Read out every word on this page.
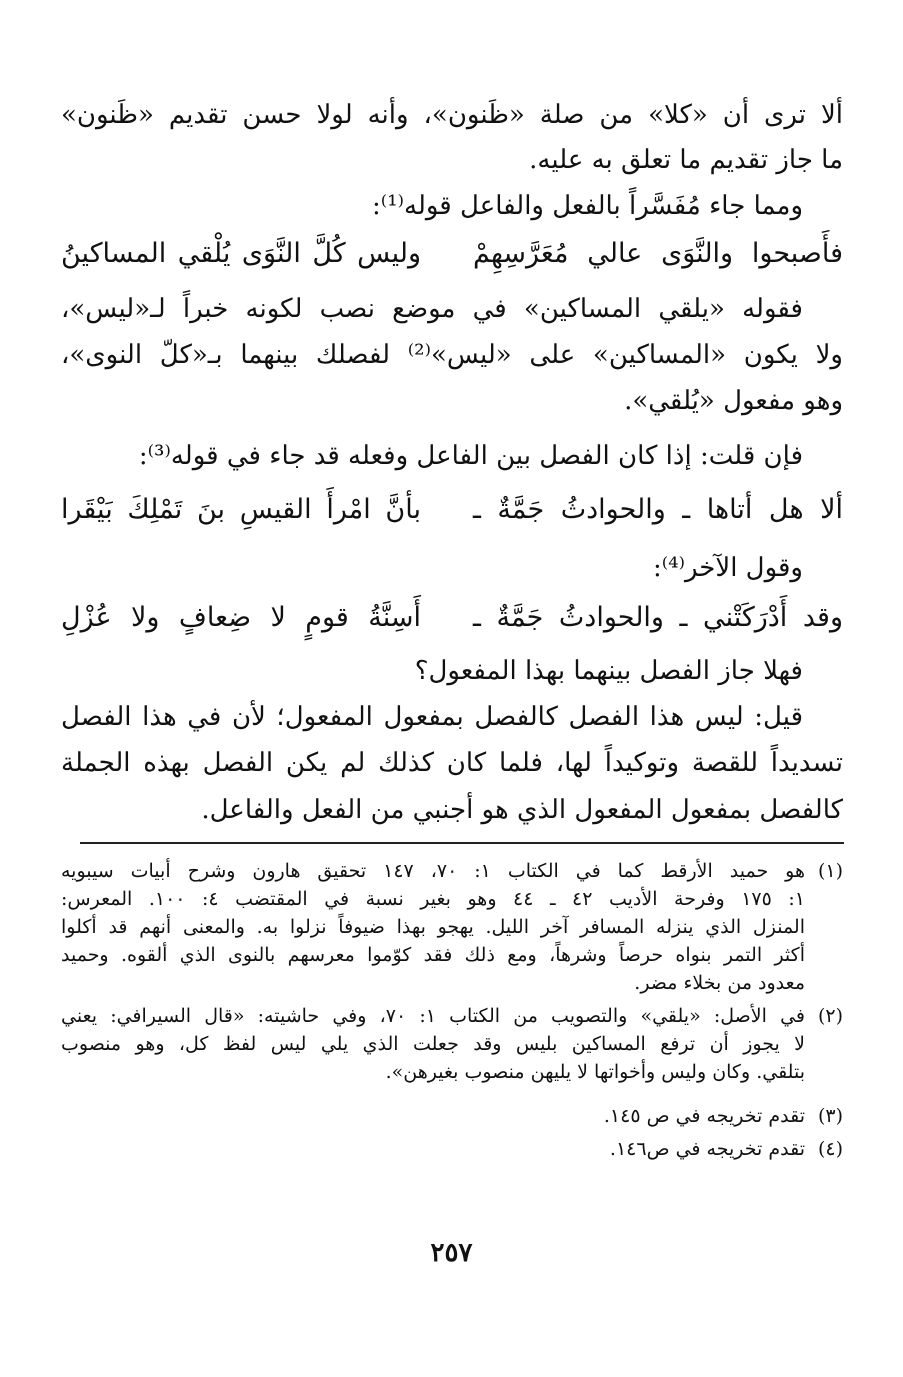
ألا ترى أن «كلا» من صلة «ظَنون»، وأنه لولا حسن تقديم «ظَنون»
ما جاز تقديم ما تعلق به عليه.
ومما جاء مُفَسَّراً بالفعل والفاعل قوله⁽¹⁾:
فأَصبحوا والنَّوَى عالي مُعَرَّسِهِمْ
وليس كُلَّ النَّوَى يُلْقي المساكينُ
فقوله «يلقي المساكين» في موضع نصب لكونه خبراً لـ«ليس»،
ولا يكون «المساكين» على «ليس»⁽²⁾ لفصلك بينهما بـ«كلّ النوى»،
وهو مفعول «يُلقي».
فإن قلت: إذا كان الفصل بين الفاعل وفعله قد جاء في قوله⁽³⁾:
ألا هل أتاها ـ والحوادثُ جَمَّةٌ ـ
بأنَّ امْرأَ القيسِ بنَ تَمْلِكَ بَيْقَرا
وقول الآخر⁽⁴⁾:
وقد أَدْرَكَتْني ـ والحوادثُ جَمَّةٌ ـ
أَسِنَّةُ قومٍ لا ضِعافٍ ولا عُزْلِ
فهلا جاز الفصل بينهما بهذا المفعول؟
قيل: ليس هذا الفصل كالفصل بمفعول المفعول؛ لأن في هذا الفصل
تسديداً للقصة وتوكيداً لها، فلما كان كذلك لم يكن الفصل بهذه الجملة
كالفصل بمفعول المفعول الذي هو أجنبي من الفعل والفاعل.
(١)هو حميد الأرقط كما في الكتاب ١: ٧٠، ١٤٧ تحقيق هارون وشرح أبيات سيبويه
١: ١٧٥ وفرحة الأديب ٤٢ ـ ٤٤ وهو بغير نسبة في المقتضب ٤: ١٠٠. المعرس:
المنزل الذي ينزله المسافر آخر الليل. يهجو بهذا ضيوفاً نزلوا به. والمعنى أنهم قد أكلوا
أكثر التمر بنواه حرصاً وشرهاً، ومع ذلك فقد كوّموا معرسهم بالنوى الذي ألقوه. وحميد
معدود من بخلاء مضر.
(٢)في الأصل: «يلقي» والتصويب من الكتاب ١: ٧٠، وفي حاشيته: «قال السيرافي: يعني
لا يجوز أن ترفع المساكين بليس وقد جعلت الذي يلي ليس لفظ كل، وهو منصوب
بتلقي. وكان وليس وأخواتها لا يليهن منصوب بغيرهن».
(٣)تقدم تخريجه في ص ١٤٥.
(٤)تقدم تخريجه في ص١٤٦.
٢٥٧
